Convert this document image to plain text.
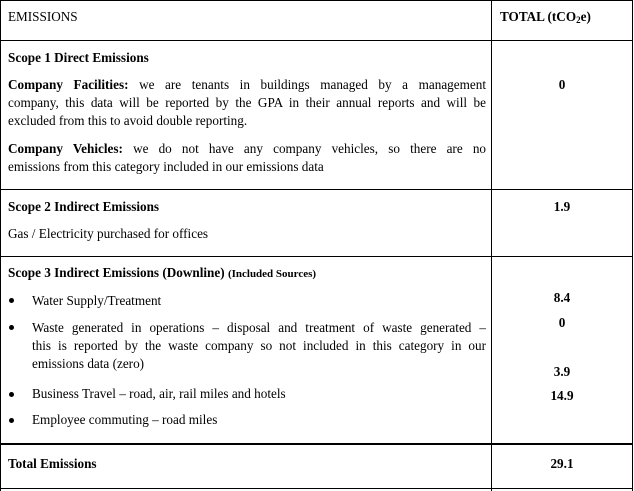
EMISSIONS	TOTAL (tCO2e)
Scope 1 Direct Emissions
Company Facilities: we are tenants in buildings managed by a management
company, this data will be reported by the GPA in their annual reports and will be
excluded from this to avoid double reporting.
Company Vehicles: we do not have any company vehicles, so there are no
emissions from this category included in our emissions data
0
Scope 2 Indirect Emissions
Gas / Electricity purchased for offices
1.9
Scope 3 Indirect Emissions (Downline) (Included Sources)
Water Supply/Treatment
Waste generated in operations – disposal and treatment of waste generated –
this is reported by the waste company so not included in this category in our
emissions data (zero)
Business Travel – road, air, rail miles and hotels
Employee commuting – road miles
8.4
0
3.9
14.9
Total Emissions	29.1
